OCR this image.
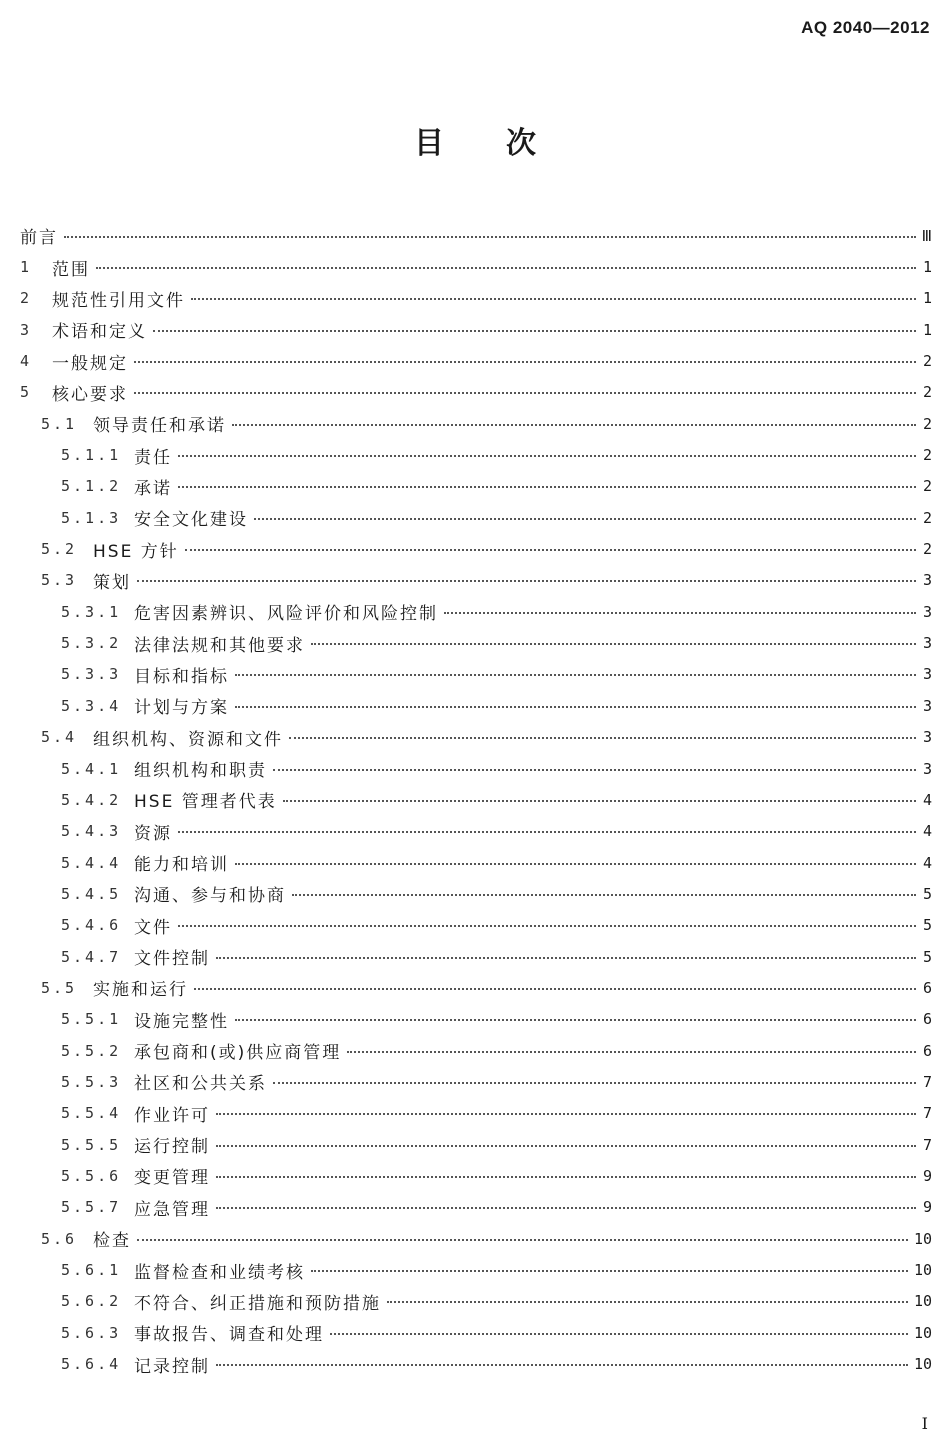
AQ 2040—2012
目次
前言	Ⅲ
1	范围	1
2	规范性引用文件	1
3	术语和定义	1
4	一般规定	2
5	核心要求	2
5.1 领导责任和承诺	2
5.1.1 责任	2
5.1.2 承诺	2
5.1.3 安全文化建设	2
5.2 HSE 方针	2
5.3 策划	3
5.3.1 危害因素辨识、风险评价和风险控制	3
5.3.2 法律法规和其他要求	3
5.3.3 目标和指标	3
5.3.4 计划与方案	3
5.4 组织机构、资源和文件	3
5.4.1 组织机构和职责	3
5.4.2 HSE 管理者代表	4
5.4.3 资源	4
5.4.4 能力和培训	4
5.4.5 沟通、参与和协商	5
5.4.6 文件	5
5.4.7 文件控制	5
5.5 实施和运行	6
5.5.1 设施完整性	6
5.5.2 承包商和(或)供应商管理	6
5.5.3 社区和公共关系	7
5.5.4 作业许可	7
5.5.5 运行控制	7
5.5.6 变更管理	9
5.5.7 应急管理	9
5.6 检查	10
5.6.1 监督检查和业绩考核	10
5.6.2 不符合、纠正措施和预防措施	10
5.6.3 事故报告、调查和处理	10
5.6.4 记录控制	10
I
